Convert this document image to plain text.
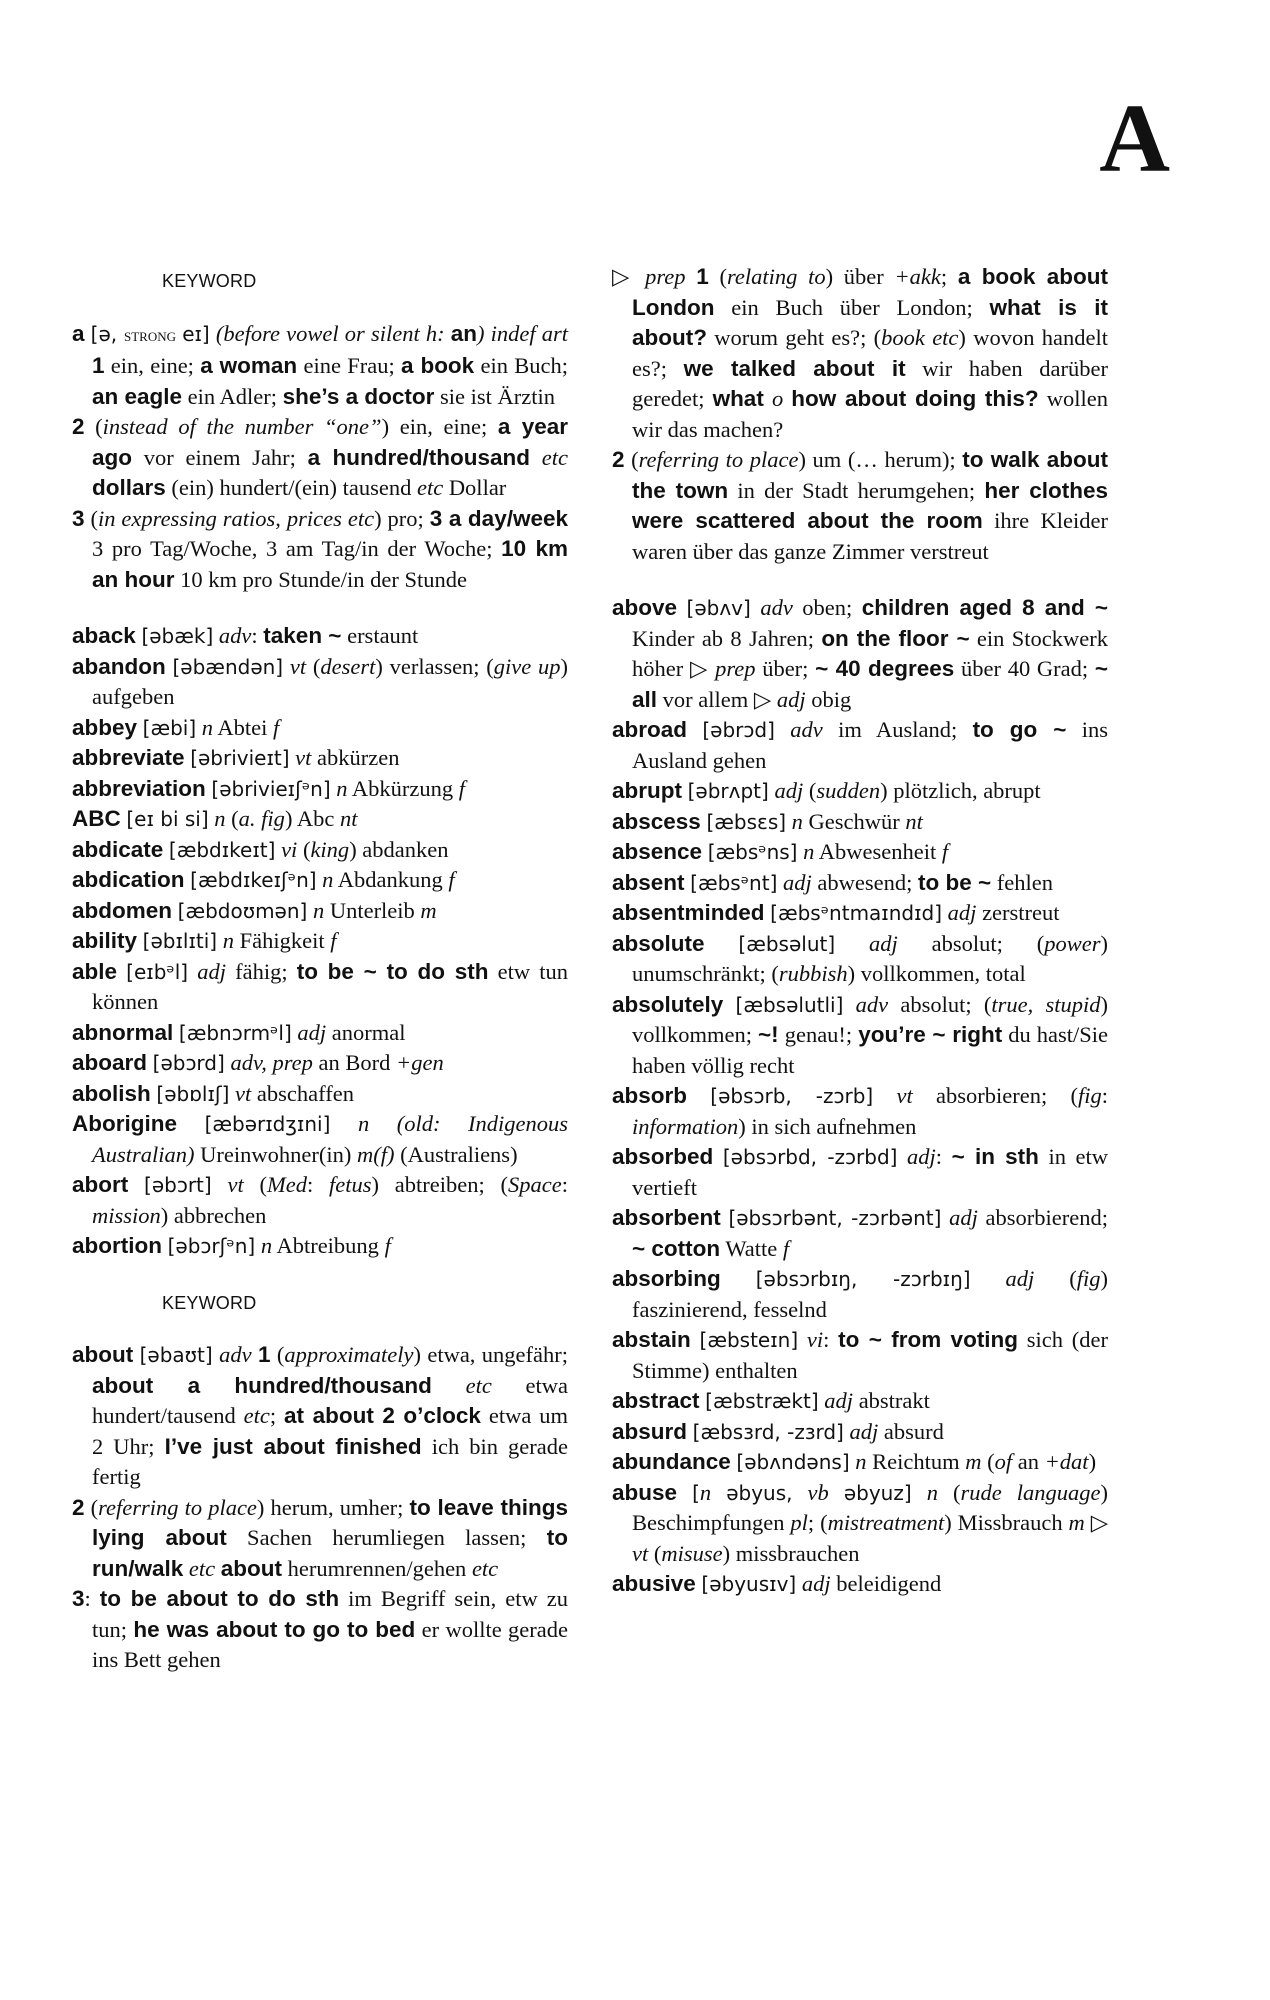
A
KEYWORD
a [ə, strong eɪ] (before vowel or silent h: an) indef art 1 ein, eine; a woman eine Frau; a book ein Buch; an eagle ein Adler; she’s a doctor sie ist Ärztin
2 (instead of the number “one”) ein, eine; a year ago vor einem Jahr; a hundred/thousand etc dollars (ein) hundert/(ein) tausend etc Dollar
3 (in expressing ratios, prices etc) pro; 3 a day/week 3 pro Tag/Woche, 3 am Tag/in der Woche; 10 km an hour 10 km pro Stunde/in der Stunde
aback [əbæk] adv: taken ~ erstaunt
abandon [əbændən] vt (desert) verlassen; (give up) aufgeben
abbey [æbi] n Abtei f
abbreviate [əbrivieɪt] vt abkürzen
abbreviation [əbrivieɪʃᵊn] n Abkürzung f
ABC [eɪ bi si] n (a. fig) Abc nt
abdicate [æbdɪkeɪt] vi (king) abdanken
abdication [æbdɪkeɪʃᵊn] n Abdankung f
abdomen [æbdoʊmən] n Unterleib m
ability [əbɪlɪti] n Fähigkeit f
able [eɪbᵊl] adj fähig; to be ~ to do sth etw tun können
abnormal [æbnɔrmᵊl] adj anormal
aboard [əbɔrd] adv, prep an Bord +gen
abolish [əbɒlɪʃ] vt abschaffen
Aborigine [æbərɪdʒɪni] n (old: Indigenous Australian) Ureinwohner(in) m(f) (Australiens)
abort [əbɔrt] vt (Med: fetus) abtreiben; (Space: mission) abbrechen
abortion [əbɔrʃᵊn] n Abtreibung f
KEYWORD
about [əbaʊt] adv 1 (approximately) etwa, ungefähr; about a hundred/thousand etc etwa hundert/tausend etc; at about 2 o’clock etwa um 2 Uhr; I’ve just about finished ich bin gerade fertig
2 (referring to place) herum, umher; to leave things lying about Sachen herumliegen lassen; to run/walk etc about herumrennen/gehen etc
3: to be about to do sth im Begriff sein, etw zu tun; he was about to go to bed er wollte gerade ins Bett gehen
▷ prep 1 (relating to) über +akk; a book about London ein Buch über London; what is it about? worum geht es?; (book etc) wovon handelt es?; we talked about it wir haben darüber geredet; what o how about doing this? wollen wir das machen?
2 (referring to place) um (… herum); to walk about the town in der Stadt herumgehen; her clothes were scattered about the room ihre Kleider waren über das ganze Zimmer verstreut
above [əbʌv] adv oben; children aged 8 and ~ Kinder ab 8 Jahren; on the floor ~ ein Stockwerk höher ▷ prep über; ~ 40 degrees über 40 Grad; ~ all vor allem ▷ adj obig
abroad [əbrɔd] adv im Ausland; to go ~ ins Ausland gehen
abrupt [əbrʌpt] adj (sudden) plötzlich, abrupt
abscess [æbsɛs] n Geschwür nt
absence [æbsᵊns] n Abwesenheit f
absent [æbsᵊnt] adj abwesend; to be ~ fehlen
absentminded [æbsᵊntmaɪndɪd] adj zerstreut
absolute [æbsəlut] adj absolut; (power) unumschränkt; (rubbish) vollkommen, total
absolutely [æbsəlutli] adv absolut; (true, stupid) vollkommen; ~! genau!; you’re ~ right du hast/Sie haben völlig recht
absorb [əbsɔrb, -zɔrb] vt absorbieren; (fig: information) in sich aufnehmen
absorbed [əbsɔrbd, -zɔrbd] adj: ~ in sth in etw vertieft
absorbent [əbsɔrbənt, -zɔrbənt] adj absorbierend; ~ cotton Watte f
absorbing [əbsɔrbɪŋ, -zɔrbɪŋ] adj (fig) faszinierend, fesselnd
abstain [æbsteɪn] vi: to ~ from voting sich (der Stimme) enthalten
abstract [æbstrækt] adj abstrakt
absurd [æbsɜrd, -zɜrd] adj absurd
abundance [əbʌndəns] n Reichtum m (of an +dat)
abuse [n əbyus, vb əbyuz] n (rude language) Beschimpfungen pl; (mistreatment) Missbrauch m ▷ vt (misuse) missbrauchen
abusive [əbyusɪv] adj beleidigend
